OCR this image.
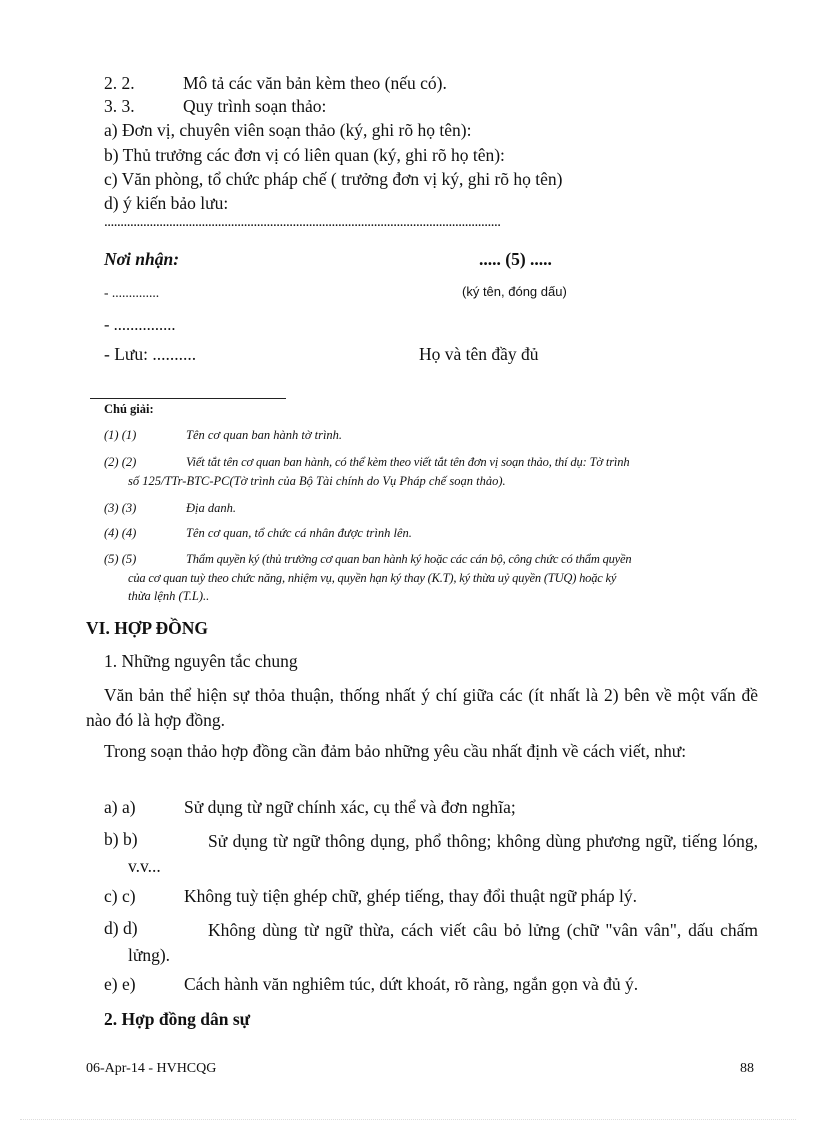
2. 2.	Mô tả các văn bản kèm theo (nếu có).
3. 3.	Quy trình soạn thảo:
a) Đơn vị, chuyên viên soạn thảo (ký, ghi rõ họ tên):
b) Thủ trưởng các đơn vị có liên quan (ký, ghi rõ họ tên):
c) Văn phòng, tổ chức pháp chế ( trưởng đơn vị ký, ghi rõ họ tên)
d) ý kiến bảo lưu:
..........................................................................................................................
Nơi nhận:	..... (5) .....
- ..............	(ký tên, đóng dấu)
- ...............
- Lưu: ..........	Họ và tên đầy đủ
Chú giải:
(1) (1)	Tên cơ quan ban hành tờ trình.
(2) (2)	Viết tắt tên cơ quan ban hành, có thể kèm theo viết tắt tên đơn vị soạn thảo, thí dụ: Tờ trình
số 125/TTr-BTC-PC(Tờ trình của Bộ Tài chính do Vụ Pháp chế soạn thảo).
(3) (3)	Địa danh.
(4) (4)	Tên cơ quan, tổ chức cá nhân được trình lên.
(5) (5)	Thẩm quyền ký (thủ trưởng cơ quan ban hành ký hoặc các cán bộ, công chức có thẩm quyền
của cơ quan tuỳ theo chức năng, nhiệm vụ, quyền hạn ký thay (K.T), ký thừa uỷ quyền (TUQ) hoặc ký
thừa lệnh (T.L)..
VI. HỢP ĐỒNG
1. Những nguyên tắc chung
Văn bản thể hiện sự thỏa thuận, thống nhất ý chí giữa các (ít nhất là 2) bên về một vấn đề nào đó là hợp đồng.
Trong soạn thảo hợp đồng cần đảm bảo những yêu cầu nhất định về cách viết, như:
a) a)	Sử dụng từ ngữ chính xác, cụ thể và đơn nghĩa;
b) b)	Sử dụng từ ngữ thông dụng, phổ thông; không dùng phương ngữ, tiếng lóng, v.v...
c) c)	Không tuỳ tiện ghép chữ, ghép tiếng, thay đổi thuật ngữ pháp lý.
d) d)	Không dùng từ ngữ thừa, cách viết câu bỏ lửng (chữ "vân vân", dấu chấm lửng).
e) e)	Cách hành văn nghiêm túc, dứt khoát, rõ ràng, ngắn gọn và đủ ý.
2. Hợp đồng dân sự
06-Apr-14 - HVHCQG	88
